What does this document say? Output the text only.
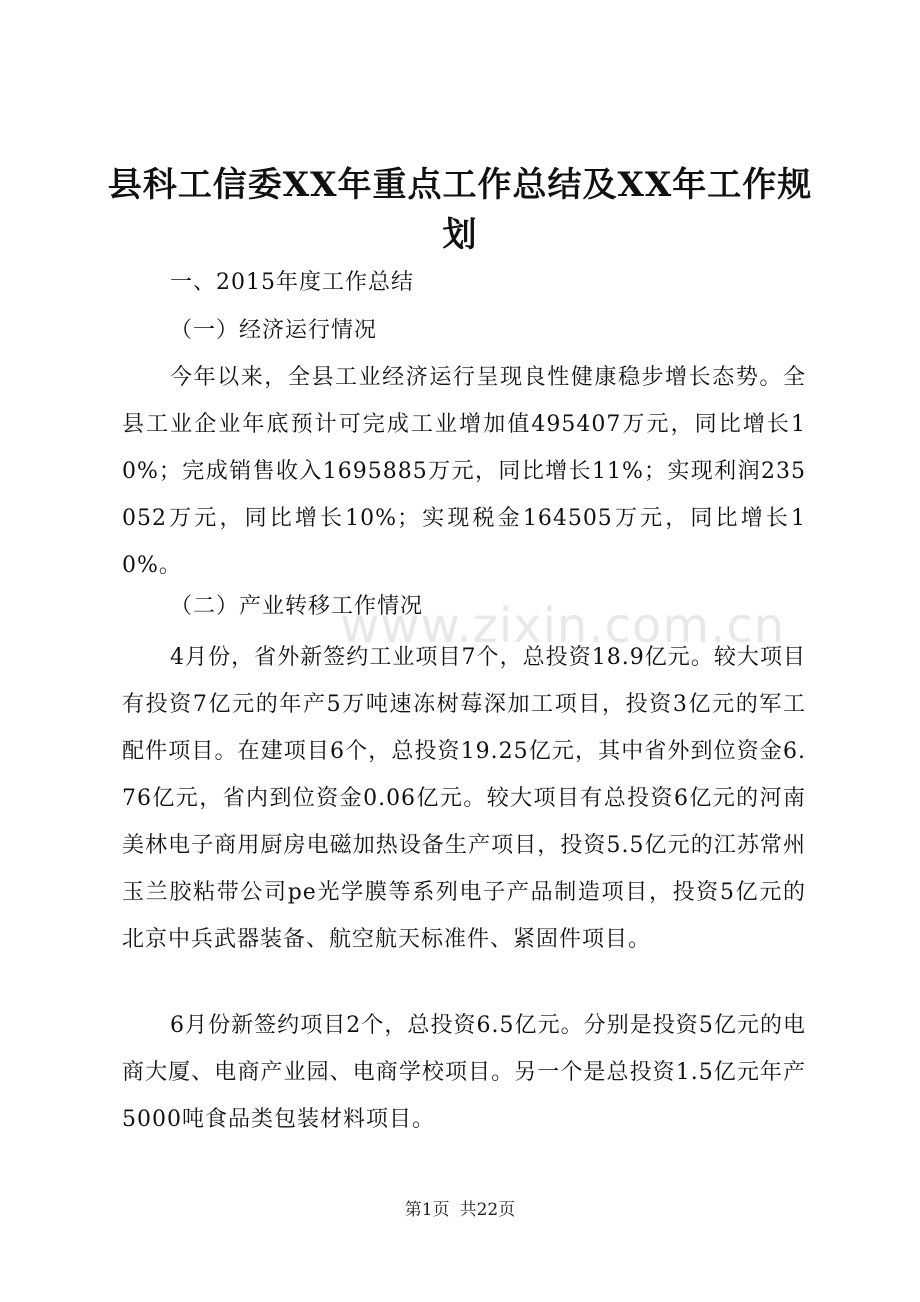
县科工信委XX年重点工作总结及XX年工作规划
一、2015年度工作总结
（一）经济运行情况
今年以来，全县工业经济运行呈现良性健康稳步增长态势。全县工业企业年底预计可完成工业增加值495407万元，同比增长10%；完成销售收入1695885万元，同比增长11%；实现利润235052万元，同比增长10%；实现税金164505万元，同比增长10%。
（二）产业转移工作情况
4月份，省外新签约工业项目7个，总投资18.9亿元。较大项目有投资7亿元的年产5万吨速冻树莓深加工项目，投资3亿元的军工配件项目。在建项目6个，总投资19.25亿元，其中省外到位资金6.76亿元，省内到位资金0.06亿元。较大项目有总投资6亿元的河南美林电子商用厨房电磁加热设备生产项目，投资5.5亿元的江苏常州玉兰胶粘带公司pe光学膜等系列电子产品制造项目，投资5亿元的北京中兵武器装备、航空航天标准件、紧固件项目。
6月份新签约项目2个，总投资6.5亿元。分别是投资5亿元的电商大厦、电商产业园、电商学校项目。另一个是总投资1.5亿元年产5000吨食品类包装材料项目。
www.zixin.com.cn
第1页 共22页
